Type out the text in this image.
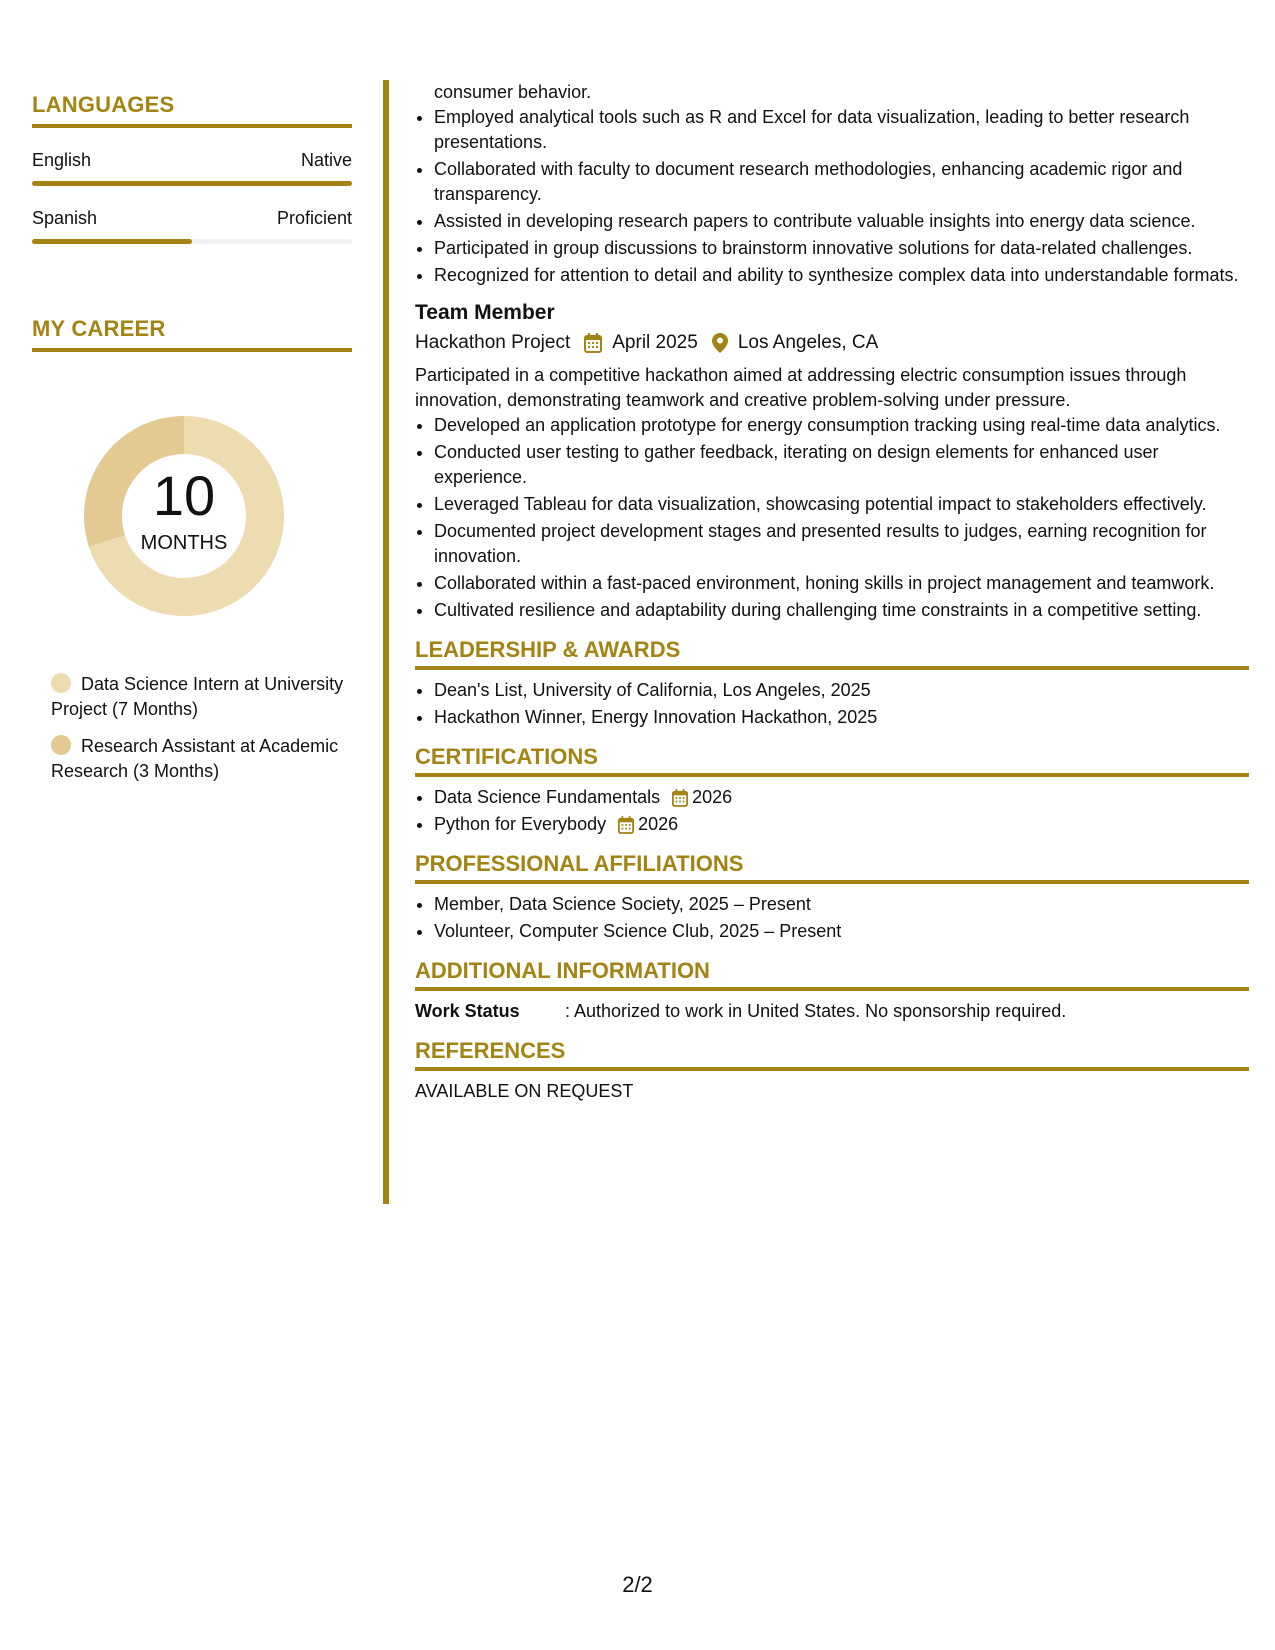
LANGUAGES
English	Native
Spanish	Proficient
MY CAREER
10
MONTHS
Data Science Intern at University Project (7 Months)
Research Assistant at Academic Research (3 Months)
consumer behavior.
• Employed analytical tools such as R and Excel for data visualization, leading to better research presentations.
• Collaborated with faculty to document research methodologies, enhancing academic rigor and transparency.
• Assisted in developing research papers to contribute valuable insights into energy data science.
• Participated in group discussions to brainstorm innovative solutions for data-related challenges.
• Recognized for attention to detail and ability to synthesize complex data into understandable formats.
Team Member
Hackathon Project April 2025 Los Angeles, CA
Participated in a competitive hackathon aimed at addressing electric consumption issues through innovation, demonstrating teamwork and creative problem-solving under pressure.
• Developed an application prototype for energy consumption tracking using real-time data analytics.
• Conducted user testing to gather feedback, iterating on design elements for enhanced user experience.
• Leveraged Tableau for data visualization, showcasing potential impact to stakeholders effectively.
• Documented project development stages and presented results to judges, earning recognition for innovation.
• Collaborated within a fast-paced environment, honing skills in project management and teamwork.
• Cultivated resilience and adaptability during challenging time constraints in a competitive setting.
LEADERSHIP & AWARDS
• Dean's List, University of California, Los Angeles, 2025
• Hackathon Winner, Energy Innovation Hackathon, 2025
CERTIFICATIONS
• Data Science Fundamentals 2026
• Python for Everybody 2026
PROFESSIONAL AFFILIATIONS
• Member, Data Science Society, 2025 – Present
• Volunteer, Computer Science Club, 2025 – Present
ADDITIONAL INFORMATION
Work Status	: Authorized to work in United States. No sponsorship required.
REFERENCES
AVAILABLE ON REQUEST
2/2
